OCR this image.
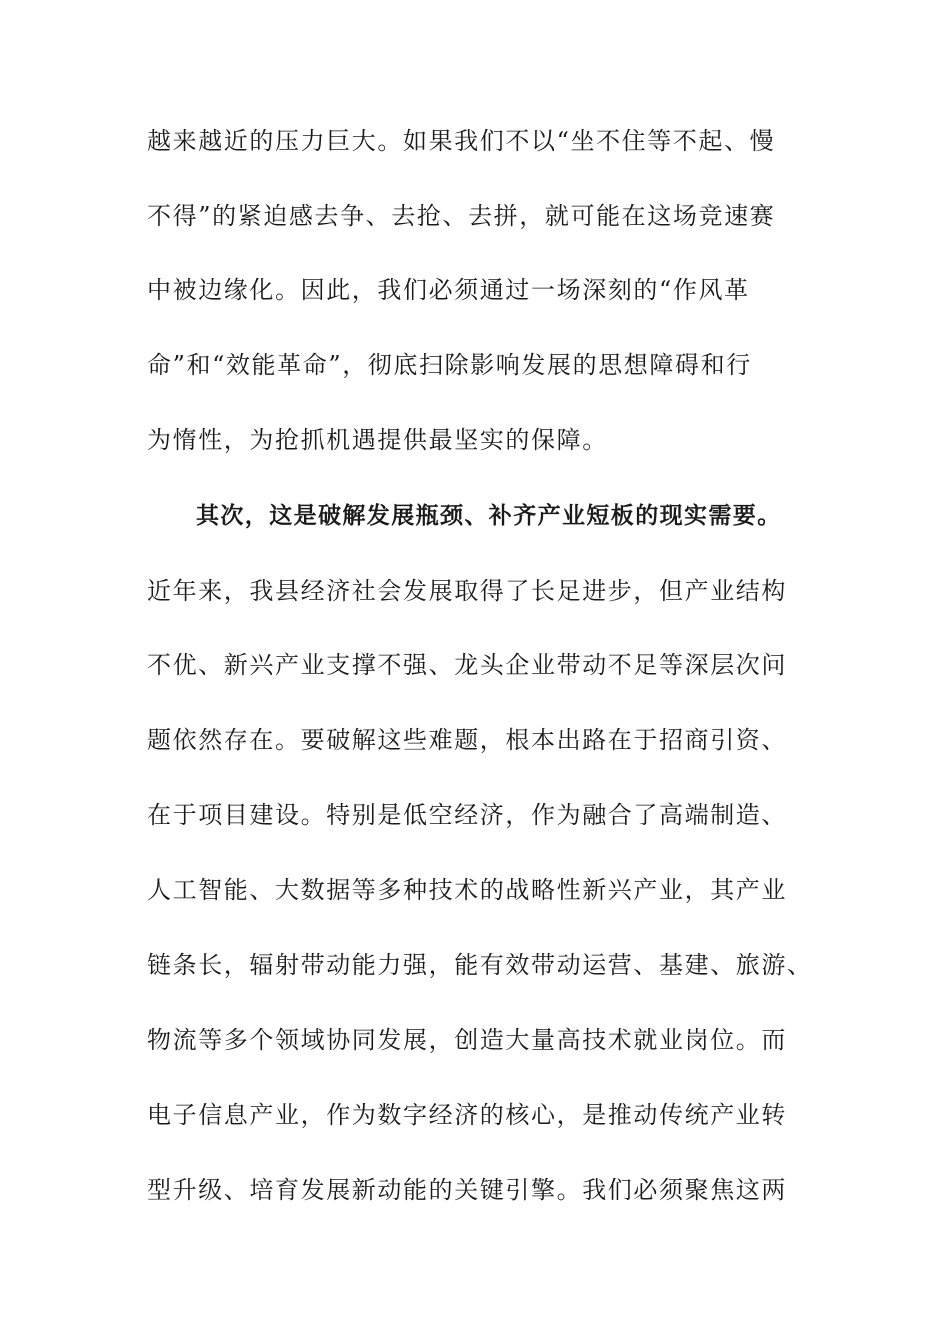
越来越近的压力巨大。如果我们不以“坐不住等不起、慢
不得”的紧迫感去争、去抢、去拼，就可能在这场竞速赛
中被边缘化。因此，我们必须通过一场深刻的“作风革
命”和“效能革命”，彻底扫除影响发展的思想障碍和行
为惰性，为抢抓机遇提供最坚实的保障。
其次，这是破解发展瓶颈、补齐产业短板的现实需要。
近年来，我县经济社会发展取得了长足进步，但产业结构
不优、新兴产业支撑不强、龙头企业带动不足等深层次问
题依然存在。要破解这些难题，根本出路在于招商引资、
在于项目建设。特别是低空经济，作为融合了高端制造、
人工智能、大数据等多种技术的战略性新兴产业，其产业
链条长，辐射带动能力强，能有效带动运营、基建、旅游、
物流等多个领域协同发展，创造大量高技术就业岗位。而
电子信息产业，作为数字经济的核心，是推动传统产业转
型升级、培育发展新动能的关键引擎。我们必须聚焦这两
